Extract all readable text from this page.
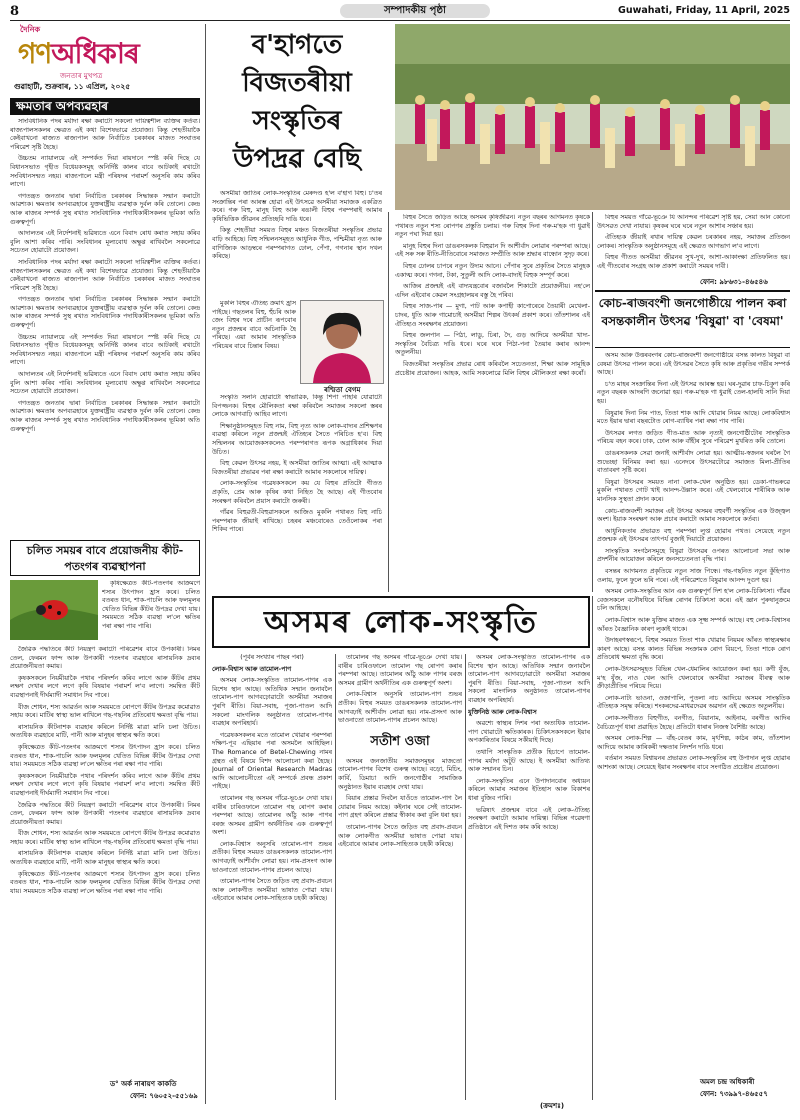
8	সম্পাদকীয় পৃষ্ঠা	Guwahati, Friday, 11 April, 2025
দৈনিক
গণঅধিকাৰ
জনতাৰ মুখপত্ৰ
গুৱাহাটী, শুক্ৰবাৰ, ১১ এপ্ৰিল, ২০২৫
ক্ষমতাৰ অপব্যৱহাৰ

সাংবিধানিক পদৰ মৰ্যাদা ৰক্ষা কৰাটো সকলো দায়িত্বশীল ব্যক্তিৰ কৰ্তব্য। ৰাজ্যপালসকলৰ ক্ষেত্ৰত এই কথা বিশেষভাৱে প্ৰযোজ্য। কিন্তু শেহতীয়াকৈ কেইবাখনো ৰাজ্যত ৰাজ্যপাল আৰু নিৰ্বাচিত চৰকাৰৰ মাজত সংঘাতৰ পৰিৱেশ সৃষ্টি হৈছে।

উচ্চতম ন্যায়ালয়ে এই সম্পৰ্কত দিয়া ৰায়দানে স্পষ্ট কৰি দিছে যে বিধানসভাত গৃহীত বিধেয়কসমূহ অনিৰ্দিষ্ট কালৰ বাবে আটকাই ৰখাটো সংবিধানসন্মত নহয়। ৰাজ্যপালে মন্ত্ৰী পৰিষদৰ পৰামৰ্শ অনুসৰি কাম কৰিব লাগে।

গণতন্ত্ৰত জনতাৰ দ্বাৰা নিৰ্বাচিত চৰকাৰৰ সিদ্ধান্তক সন্মান কৰাটো আৱশ্যক। ক্ষমতাৰ অপব্যৱহাৰে যুক্তৰাষ্ট্ৰীয় ব্যৱস্থাক দুৰ্বল কৰি তোলে। কেন্দ্ৰ আৰু ৰাজ্যৰ সম্পৰ্ক সুস্থ ৰখাত সাংবিধানিক পদাধিকাৰীসকলৰ ভূমিকা অতি গুৰুত্বপূৰ্ণ।

আদালতৰ এই নিৰ্দেশনাই ভৱিষ্যতে এনে বিবাদ ৰোধ কৰাত সহায় কৰিব বুলি আশা কৰিব পাৰি। সংবিধানৰ মূল্যবোধ অক্ষুণ্ণ ৰাখিবলৈ সকলোৱে সচেতন হোৱাটো প্ৰয়োজন।

সাংবিধানিক পদৰ মৰ্যাদা ৰক্ষা কৰাটো সকলো দায়িত্বশীল ব্যক্তিৰ কৰ্তব্য। ৰাজ্যপালসকলৰ ক্ষেত্ৰত এই কথা বিশেষভাৱে প্ৰযোজ্য। কিন্তু শেহতীয়াকৈ কেইবাখনো ৰাজ্যত ৰাজ্যপাল আৰু নিৰ্বাচিত চৰকাৰৰ মাজত সংঘাতৰ পৰিৱেশ সৃষ্টি হৈছে।

গণতন্ত্ৰত জনতাৰ দ্বাৰা নিৰ্বাচিত চৰকাৰৰ সিদ্ধান্তক সন্মান কৰাটো আৱশ্যক। ক্ষমতাৰ অপব্যৱহাৰে যুক্তৰাষ্ট্ৰীয় ব্যৱস্থাক দুৰ্বল কৰি তোলে। কেন্দ্ৰ আৰু ৰাজ্যৰ সম্পৰ্ক সুস্থ ৰখাত সাংবিধানিক পদাধিকাৰীসকলৰ ভূমিকা অতি গুৰুত্বপূৰ্ণ।

উচ্চতম ন্যায়ালয়ে এই সম্পৰ্কত দিয়া ৰায়দানে স্পষ্ট কৰি দিছে যে বিধানসভাত গৃহীত বিধেয়কসমূহ অনিৰ্দিষ্ট কালৰ বাবে আটকাই ৰখাটো সংবিধানসন্মত নহয়। ৰাজ্যপালে মন্ত্ৰী পৰিষদৰ পৰামৰ্শ অনুসৰি কাম কৰিব লাগে।

আদালতৰ এই নিৰ্দেশনাই ভৱিষ্যতে এনে বিবাদ ৰোধ কৰাত সহায় কৰিব বুলি আশা কৰিব পাৰি। সংবিধানৰ মূল্যবোধ অক্ষুণ্ণ ৰাখিবলৈ সকলোৱে সচেতন হোৱাটো প্ৰয়োজন।

গণতন্ত্ৰত জনতাৰ দ্বাৰা নিৰ্বাচিত চৰকাৰৰ সিদ্ধান্তক সন্মান কৰাটো আৱশ্যক। ক্ষমতাৰ অপব্যৱহাৰে যুক্তৰাষ্ট্ৰীয় ব্যৱস্থাক দুৰ্বল কৰি তোলে। কেন্দ্ৰ আৰু ৰাজ্যৰ সম্পৰ্ক সুস্থ ৰখাত সাংবিধানিক পদাধিকাৰীসকলৰ ভূমিকা অতি গুৰুত্বপূৰ্ণ।

চলিত সময়ৰ বাবে প্ৰয়োজনীয় কীট-পতংগৰ ব্যৱস্থাপনা

কৃষিক্ষেত্ৰত কীট-পতংগৰ আক্ৰমণে শস্যৰ উৎপাদন হ্ৰাস কৰে। চলিত বতৰত ধান, শাক-পাচলি আৰু ফলমূলৰ খেতিত বিভিন্ন কীটৰ উপদ্ৰৱ দেখা যায়। সময়মতে সঠিক ব্যৱস্থা ল'লে ক্ষতিৰ পৰা ৰক্ষা পাব পাৰি।

জৈৱিক পদ্ধতিৰে কীট নিয়ন্ত্ৰণ কৰাটো পৰিৱেশৰ বাবে উপকাৰী। নিমৰ তেল, ফেৰমন ফান্দ আৰু উপকাৰী পতংগৰ ব্যৱহাৰে ৰাসায়নিক দ্ৰব্যৰ প্ৰয়োজনীয়তা কমায়।

কৃষকসকলে নিয়মীয়াকৈ পথাৰ পৰিদৰ্শন কৰিব লাগে আৰু কীটৰ প্ৰথম লক্ষণ দেখাৰ লগে লগে কৃষি বিষয়াৰ পৰামৰ্শ ল'ব লাগে। সমন্বিত কীট ব্যৱস্থাপনাই দীৰ্ঘম্যাদী সমাধান দিব পাৰে।

বীজ শোধন, শস্য আৱৰ্তন আৰু সময়মতে ৰোপণে কীটৰ উপদ্ৰৱ কমোৱাত সহায় কৰে। মাটিৰ স্বাস্থ্য ভাল ৰাখিলে গছ-গছনিৰ প্ৰতিৰোধ ক্ষমতা বৃদ্ধি পায়।

ৰাসায়নিক কীটনাশক ব্যৱহাৰ কৰিলে নিৰ্দিষ্ট মাত্ৰা মানি চলা উচিত। অত্যধিক ব্যৱহাৰে মাটি, পানী আৰু মানুহৰ স্বাস্থ্যৰ ক্ষতি কৰে।

কৃষিক্ষেত্ৰত কীট-পতংগৰ আক্ৰমণে শস্যৰ উৎপাদন হ্ৰাস কৰে। চলিত বতৰত ধান, শাক-পাচলি আৰু ফলমূলৰ খেতিত বিভিন্ন কীটৰ উপদ্ৰৱ দেখা যায়। সময়মতে সঠিক ব্যৱস্থা ল'লে ক্ষতিৰ পৰা ৰক্ষা পাব পাৰি।

কৃষকসকলে নিয়মীয়াকৈ পথাৰ পৰিদৰ্শন কৰিব লাগে আৰু কীটৰ প্ৰথম লক্ষণ দেখাৰ লগে লগে কৃষি বিষয়াৰ পৰামৰ্শ ল'ব লাগে। সমন্বিত কীট ব্যৱস্থাপনাই দীৰ্ঘম্যাদী সমাধান দিব পাৰে।

জৈৱিক পদ্ধতিৰে কীট নিয়ন্ত্ৰণ কৰাটো পৰিৱেশৰ বাবে উপকাৰী। নিমৰ তেল, ফেৰমন ফান্দ আৰু উপকাৰী পতংগৰ ব্যৱহাৰে ৰাসায়নিক দ্ৰব্যৰ প্ৰয়োজনীয়তা কমায়।

বীজ শোধন, শস্য আৱৰ্তন আৰু সময়মতে ৰোপণে কীটৰ উপদ্ৰৱ কমোৱাত সহায় কৰে। মাটিৰ স্বাস্থ্য ভাল ৰাখিলে গছ-গছনিৰ প্ৰতিৰোধ ক্ষমতা বৃদ্ধি পায়।

ৰাসায়নিক কীটনাশক ব্যৱহাৰ কৰিলে নিৰ্দিষ্ট মাত্ৰা মানি চলা উচিত। অত্যধিক ব্যৱহাৰে মাটি, পানী আৰু মানুহৰ স্বাস্থ্যৰ ক্ষতি কৰে।

কৃষিক্ষেত্ৰত কীট-পতংগৰ আক্ৰমণে শস্যৰ উৎপাদন হ্ৰাস কৰে। চলিত বতৰত ধান, শাক-পাচলি আৰু ফলমূলৰ খেতিত বিভিন্ন কীটৰ উপদ্ৰৱ দেখা যায়। সময়মতে সঠিক ব্যৱস্থা ল'লে ক্ষতিৰ পৰা ৰক্ষা পাব পাৰি।

ড° অৰ্ক নাৰায়ণ কাকতি
ফোন: ৭৬০৫২-৫৫১৬৯
ব'হাগতে
বিজতৰীয়া
সংস্কৃতিৰ
উপদ্ৰৱ বেছি

অসমীয়া জাতিৰ লোক-সংস্কৃতিৰ মেৰুদণ্ড হ'ল ব'হাগ বিহু। চ'তৰ সংক্ৰান্তিৰ পৰা আৰম্ভ হোৱা এই উৎসৱে অসমীয়া সমাজক একত্ৰিত কৰে। গৰু বিহু, মানুহ বিহু আৰু ৰঙালী বিহুৰ পৰম্পৰাই আমাৰ কৃষিভিত্তিক জীৱনৰ প্ৰতিচ্ছবি দাঙি ধৰে।

কিন্তু শেহতীয়া সময়ত বিহুৰ মঞ্চত বিজতৰীয়া সংস্কৃতিৰ প্ৰভাৱ বাঢ়ি আহিছে। বিহু সন্মিলনসমূহত আধুনিক গীত, পশ্চিমীয়া নৃত্য আৰু বাণিজ্যিক আড়ম্বৰে পৰম্পৰাগত ঢোল, পেঁপা, গগনাৰ স্থান দখল কৰিছে।

মুকলি বিহুৰ ঐতিহ্য ক্ৰমাৎ হ্ৰাস পাইছে। গছতলৰ বিহু, হুঁচৰি আৰু জেং বিহুৰ দৰে প্ৰাচীন ৰূপবোৰ নতুন প্ৰজন্মৰ বাবে অচিনাকি হৈ পৰিছে। এয়া আমাৰ সাংস্কৃতিক পৰিচয়ৰ বাবে চিন্তাৰ বিষয়।

ৰশ্মিতা বেগম

সংস্কৃতি সলনি হোৱাটো স্বাভাৱিক, কিন্তু শিপা পাহৰি যোৱাটো বিপজ্জনক। বিহুৰ মৌলিকতা ৰক্ষা কৰিবলৈ সমাজৰ সকলো স্তৰৰ লোকে আগবাঢ়ি আহিব লাগে।

শিক্ষানুষ্ঠানসমূহত বিহু নাম, বিহু নৃত্য আৰু লোক-বাদ্যৰ প্ৰশিক্ষণৰ ব্যৱস্থা কৰিলে নতুন প্ৰজন্মই ঐতিহ্যৰ সৈতে পৰিচিত হ'ব। বিহু সন্মিলনৰ আয়োজকসকলেও পৰম্পৰাগত ৰূপক অগ্ৰাধিকাৰ দিয়া উচিত।

বিহু কেৱল উৎসৱ নহয়, ই অসমীয়া জাতিৰ আত্মা। এই আত্মাক বিজতৰীয়া প্ৰভাৱৰ পৰা ৰক্ষা কৰাটো আমাৰ সকলোৰে দায়িত্ব।

লোক-সংস্কৃতিৰ গৱেষকসকলে কয় যে বিহুৰ প্ৰতিটো গীতত প্ৰকৃতি, প্ৰেম আৰু কৃষিৰ কথা নিহিত হৈ আছে। এই গীতবোৰ সংৰক্ষণ কৰিবলৈ প্ৰয়াস কৰাটো জৰুৰী।

গাঁৱৰ বিহুৱতী-বিহুৱাসকলে আজিও মুকলি পথাৰত বিহু নাচি পৰম্পৰাক জীয়াই ৰাখিছে। চহৰৰ মঞ্চবোৰেও তেওঁলোকৰ পৰা শিকিব পাৰে।

বিহুৰ সৈতে জড়িত আছে অসমৰ কৃষিজীৱন। নতুন বছৰৰ আগমনত কৃষকে পথাৰত নতুন শস্য ৰোপণৰ প্ৰস্তুতি চলায়। গৰু বিহুৰ দিনা গৰু-ম'হক গা ধুৱাই নতুন পঘা দিয়া হয়।

মানুহ বিহুৰ দিনা ডাঙৰসকলক বিহুৱান দি আশীৰ্বাদ লোৱাৰ পৰম্পৰা আছে। এই সৰু সৰু ৰীতি-নীতিবোৰে সমাজত সম্প্ৰীতি আৰু শ্ৰদ্ধাৰ বান্ধোন সুদৃঢ় কৰে।

বিহুৰ ঢোলৰ চাপৰে নতুন উদ্যম আনে। পেঁপাৰ সুৰে প্ৰকৃতিৰ সৈতে মানুহক একাত্ম কৰে। গগনা, টকা, সুতুলী আদি লোক-বাদ্যই বিহুক সম্পূৰ্ণ কৰে।

আজিৰ প্ৰজন্মই এই বাদ্যযন্ত্ৰবোৰ বজাবলৈ শিকাটো প্ৰয়োজনীয়। নহ'লে এদিন এইবোৰ কেৱল সংগ্ৰহালয়ৰ বস্তু হৈ পৰিব।

বিহুৰ সাজ-পাৰ — মুগা, পাট আৰু কপাহী কাপোৰেৰে তৈয়াৰী মেখেলা-চাদৰ, ধুতি আৰু গামোচাই অসমীয়া শিল্পৰ উৎকৰ্ষ প্ৰকাশ কৰে। তাঁতশালৰ এই ঐতিহ্যও সংৰক্ষণৰ প্ৰয়োজন।

বিহুৰ জলপান — পিঠা, লাডু, চিৰা, দৈ, গুড় আদিয়ে অসমীয়া খাদ্য-সংস্কৃতিৰ বৈচিত্ৰ্য দাঙি ধৰে। ঘৰে ঘৰে পিঠা-পনা তৈয়াৰ কৰাৰ আনন্দ অতুলনীয়।

বিজতৰীয়া সংস্কৃতিৰ প্ৰভাৱ ৰোধ কৰিবলৈ সচেতনতা, শিক্ষা আৰু সামূহিক প্ৰচেষ্টাৰ প্ৰয়োজন। আহক, আমি সকলোৱে মিলি বিহুৰ মৌলিকতা ৰক্ষা কৰোঁ।

বিহুৰ সময়ত গাঁৱে-ভূঞে যি আনন্দৰ পৰিৱেশ সৃষ্টি হয়, সেয়া আন কোনো উৎসৱত দেখা নাযায়। কৃষকৰ ঘৰে ঘৰে নতুন আশাৰ সঞ্চাৰ হয়।

ঐতিহ্যক জীয়াই ৰখাৰ দায়িত্ব কেৱল চৰকাৰৰ নহয়, সমাজৰ প্ৰতিজন লোকৰ। সাংস্কৃতিক অনুষ্ঠানসমূহে এই ক্ষেত্ৰত আগভাগ ল'ব লাগে।

বিহুৰ গীতত অসমীয়া জীৱনৰ সুখ-দুখ, আশা-আকাংক্ষা প্ৰতিফলিত হয়। এই গীতবোৰ সংগ্ৰহ আৰু প্ৰকাশ কৰাটো সময়ৰ দাবী।

ফোন: ৯৮৬৩১-৪৬৫৪৬
কোচ-ৰাজবংশী জনগোষ্ঠীয়ে পালন কৰা বসন্তকালীন উৎসৱ 'বিষুৱা' বা 'বেষমা'

অসম আৰু উত্তৰবংগৰ কোচ-ৰাজবংশী জনগোষ্ঠীয়ে বসন্ত কালত বিষুৱা বা বেষমা উৎসৱ পালন কৰে। এই উৎসৱৰ সৈতে কৃষি আৰু প্ৰকৃতিৰ গভীৰ সম্পৰ্ক আছে।

চ'ত মাহৰ সংক্ৰান্তিৰ দিনা এই উৎসৱ আৰম্ভ হয়। ঘৰ-দুৱাৰ চাফ-চিকুণ কৰি নতুন বছৰক আদৰণি জনোৱা হয়। গৰু-ম'হক গা ধুৱাই তেল-হালধি সানি দিয়া হয়।

বিষুৱাৰ দিনা নিম পাত, তিতা শাক আদি খোৱাৰ নিয়ম আছে। লোকবিশ্বাস মতে ইয়াৰ দ্বাৰা বছৰটোত ৰোগ-ব্যাধিৰ পৰা ৰক্ষা পাব পাৰি।

উৎসৱৰ লগত জড়িত গীত-মাত আৰু নৃত্যই জনগোষ্ঠীটোৰ সাংস্কৃতিক পৰিচয় বহন কৰে। ঢাক, ঢোল আৰু বাঁহীৰ সুৰে পৰিৱেশ মুখৰিত কৰি তোলে।

ডাঙৰসকলক সেৱা জনাই আশীৰ্বাদ লোৱা হয়। আত্মীয়-স্বজনৰ ঘৰলৈ গৈ শুভেচ্ছা বিনিময় কৰা হয়। এনেদৰে উৎসৱটোৱে সমাজত মিলা-প্ৰীতিৰ বাতাবৰণ সৃষ্টি কৰে।

বিষুৱা উৎসৱৰ সময়ত নানা লোক-খেল অনুষ্ঠিত হয়। ডেকা-গাভৰুৱে মুকলি পথাৰত গোট খাই আনন্দ-উল্লাস কৰে। এই খেলবোৰে শাৰীৰিক আৰু মানসিক সুস্থতা প্ৰদান কৰে।

কোচ-ৰাজবংশী সমাজৰ এই উৎসৱ অসমৰ বহুবৰ্ণী সংস্কৃতিৰ এক উজ্জ্বল অংশ। ইয়াক সংৰক্ষণ আৰু প্ৰচাৰ কৰাটো আমাৰ সকলোৰে কৰ্তব্য।

আধুনিকতাৰ প্ৰভাৱত বহু পৰম্পৰা লুপ্ত হোৱাৰ পথত। সেয়েহে নতুন প্ৰজন্মক এই উৎসৱৰ তাৎপৰ্য বুজাই দিয়াটো প্ৰয়োজন।

সাংস্কৃতিক সংগঠনসমূহে বিষুৱা উৎসৱৰ ওপৰত আলোচনা সভা আৰু প্ৰদৰ্শনীৰ আয়োজন কৰিলে জনসচেতনতা বৃদ্ধি পাব।

বসন্তৰ আগমনত প্ৰকৃতিয়ে নতুন সাজ পিন্ধে। গছ-গছনিত নতুন কুঁহিপাত ওলায়, ফুলে ফুলে ভৰি পৰে। এই পৰিৱেশতে বিষুৱাৰ আনন্দ দুগুণ হয়।

অসমৰ লোক-সংস্কৃতিৰ আন এক গুৰুত্বপূৰ্ণ দিশ হ'ল লোক-চিকিৎসা। গাঁৱৰ বেজসকলে বনৌষধিৰে বিভিন্ন ৰোগৰ চিকিৎসা কৰে। এই জ্ঞান পুৰুষানুক্ৰমে চলি আহিছে।

লোক-বিশ্বাস আৰু যুক্তিৰ মাজত এক সূক্ষ্ম সম্পৰ্ক আছে। বহু লোক-বিশ্বাসৰ আঁৰত বৈজ্ঞানিক কাৰণ লুকাই থাকে।

উদাহৰণস্বৰূপে, বিহুৰ সময়ত তিতা শাক খোৱাৰ নিয়মৰ আঁৰত স্বাস্থ্যৰক্ষাৰ কাৰণ আছে। বসন্ত কালত বিভিন্ন সংক্ৰামক ৰোগ বিয়পে, তিতা শাকে ৰোগ প্ৰতিৰোধ ক্ষমতা বৃদ্ধি কৰে।

লোক-উৎসৱসমূহত বিভিন্ন খেল-ধেমালিৰ আয়োজন কৰা হয়। কণী যুঁজ, ম'হ যুঁজ, নাও খেল আদি খেলবোৰে অসমীয়া সমাজৰ বীৰত্ব আৰু ক্ৰীড়াপ্ৰীতিৰ পৰিচয় দিয়ে।

লোক-নাট্য ভাওনা, ওজাপালি, পুতলা নাচ আদিয়ে অসমৰ সাংস্কৃতিক ঐতিহ্যক সমৃদ্ধ কৰিছে। শংকৰদেৱ-মাধৱদেৱৰ অৱদান এই ক্ষেত্ৰত অতুলনীয়।

লোক-সংগীতত বিহুগীত, বনগীত, বিয়ানাম, আইনাম, বৰগীত আদিৰ বৈচিত্ৰ্যপূৰ্ণ ধাৰা প্ৰৱাহিত হৈছে। প্ৰতিটো ধাৰাৰ নিজস্ব বৈশিষ্ট্য আছে।

অসমৰ লোক-শিল্প — বাঁহ-বেতৰ কাম, মৃৎশিল্প, কাঠৰ কাম, তাঁতশাল আদিয়ে আমাৰ কাৰিকৰী দক্ষতাৰ নিদৰ্শন দাঙি ধৰে।

বৰ্তমান সময়ত বিশ্বায়নৰ প্ৰভাৱত লোক-সংস্কৃতিৰ বহু উপাদান লুপ্ত হোৱাৰ আশংকা আছে। সেয়েহে ইয়াৰ সংৰক্ষণৰ বাবে সংগঠিত প্ৰচেষ্টাৰ প্ৰয়োজন।

অমল চন্দ্ৰ অধিকাৰী
ফোন: ৭৩৯৯৭-৪৬৫৫৭
অসমৰ লোক-সংস্কৃতি

(পূৰ্বৰ সংখ্যাৰ পাছৰ পৰা)

লোক-বিশ্বাস আৰু তামোল-পাণ

অসমৰ লোক-সংস্কৃতিত তামোল-পাণৰ এক বিশেষ স্থান আছে। অতিথিক সন্মান জনাবলৈ তামোল-পাণ আগবঢ়োৱাটো অসমীয়া সমাজৰ পুৰণি ৰীতি। বিয়া-সবাহ, পূজা-পাতল আদি সকলো মাংগলিক অনুষ্ঠানত তামোল-পাণৰ ব্যৱহাৰ অপৰিহাৰ্য।

গৱেষকসকলৰ মতে তামোল খোৱাৰ পৰম্পৰা দক্ষিণ-পূব এছিয়াৰ পৰা অসমলৈ আহিছিল। The Romance of Betel-Chewing নামৰ গ্ৰন্থত এই বিষয়ে বিশদ আলোচনা কৰা হৈছে। Journal of Oriental Research Madras আদি আলোচনীতো এই সম্পৰ্কে প্ৰবন্ধ প্ৰকাশ পাইছে।

তামোলৰ গছ অসমৰ গাঁৱে-ভূঞে দেখা যায়। বাৰীৰ চাৰিওফালে তামোল গছ ৰোপণ কৰাৰ পৰম্পৰা আছে। তামোলৰ আঁঠু আৰু পাণৰ বৰজ অসমৰ গ্ৰামীণ অৰ্থনীতিৰ এক গুৰুত্বপূৰ্ণ অংশ।

লোক-বিশ্বাস অনুসৰি তামোল-পাণ শুভৰ প্ৰতীক। বিহুৰ সময়ত ডাঙৰসকলক তামোল-পাণ আগবঢ়াই আশীৰ্বাদ লোৱা হয়। নাম-প্ৰসংগ আৰু ভাওনাতো তামোল-পাণৰ প্ৰচলন আছে।

তামোল-পাণৰ সৈতে জড়িত বহু প্ৰবাদ-প্ৰবচন আৰু লোকগীত অসমীয়া ভাষাত পোৱা যায়। এইবোৰে আমাৰ লোক-সাহিত্যক চহকী কৰিছে।

তামোলৰ গছ অসমৰ গাঁৱে-ভূঞে দেখা যায়। বাৰীৰ চাৰিওফালে তামোল গছ ৰোপণ কৰাৰ পৰম্পৰা আছে। তামোলৰ আঁঠু আৰু পাণৰ বৰজ অসমৰ গ্ৰামীণ অৰ্থনীতিৰ এক গুৰুত্বপূৰ্ণ অংশ।

লোক-বিশ্বাস অনুসৰি তামোল-পাণ শুভৰ প্ৰতীক। বিহুৰ সময়ত ডাঙৰসকলক তামোল-পাণ আগবঢ়াই আশীৰ্বাদ লোৱা হয়। নাম-প্ৰসংগ আৰু ভাওনাতো তামোল-পাণৰ প্ৰচলন আছে।

সতীশ ওজা

অসমৰ জনজাতীয় সমাজসমূহৰ মাজতো তামোল-পাণৰ বিশেষ গুৰুত্ব আছে। বড়ো, মিচিং, কাৰ্বি, ডিমাচা আদি জনগোষ্ঠীৰ সামাজিক অনুষ্ঠানত ইয়াৰ ব্যৱহাৰ দেখা যায়।

বিয়াৰ প্ৰস্তাৱ দিবলৈ যাওঁতে তামোল-পাণ লৈ যোৱাৰ নিয়ম আছে। কইনাৰ ঘৰে সেই তামোল-পাণ গ্ৰহণ কৰিলে প্ৰস্তাৱ স্বীকাৰ কৰা বুলি ধৰা হয়।

তামোল-পাণৰ সৈতে জড়িত বহু প্ৰবাদ-প্ৰবচন আৰু লোকগীত অসমীয়া ভাষাত পোৱা যায়। এইবোৰে আমাৰ লোক-সাহিত্যক চহকী কৰিছে।

অসমৰ লোক-সংস্কৃতিত তামোল-পাণৰ এক বিশেষ স্থান আছে। অতিথিক সন্মান জনাবলৈ তামোল-পাণ আগবঢ়োৱাটো অসমীয়া সমাজৰ পুৰণি ৰীতি। বিয়া-সবাহ, পূজা-পাতল আদি সকলো মাংগলিক অনুষ্ঠানত তামোল-পাণৰ ব্যৱহাৰ অপৰিহাৰ্য।

যুক্তিনিষ্ঠ আৰু লোক-বিশ্বাস

অৱশ্যে স্বাস্থ্যৰ দিশৰ পৰা অত্যধিক তামোল-পাণ খোৱাটো ক্ষতিকাৰক। চিকিৎসকসকলে ইয়াৰ অপকাৰিতাৰ বিষয়ে সকীয়াই দিছে।

তথাপি সাংস্কৃতিক প্ৰতীক হিচাপে তামোল-পাণৰ মৰ্যাদা অটুট আছে। ই অসমীয়া আতিথ্য আৰু সন্মানৰ চিন।

লোক-সংস্কৃতিৰ এনে উপাদানবোৰ অধ্যয়ন কৰিলে আমাৰ সমাজৰ ইতিহাস আৰু বিকাশৰ ধাৰা বুজিব পাৰি।

ভৱিষ্যৎ প্ৰজন্মৰ বাবে এই লোক-ঐতিহ্য সংৰক্ষণ কৰাটো আমাৰ দায়িত্ব। বিভিন্ন গৱেষণা প্ৰতিষ্ঠানে এই দিশত কাম কৰি আছে।

(ক্ৰমশঃ)
